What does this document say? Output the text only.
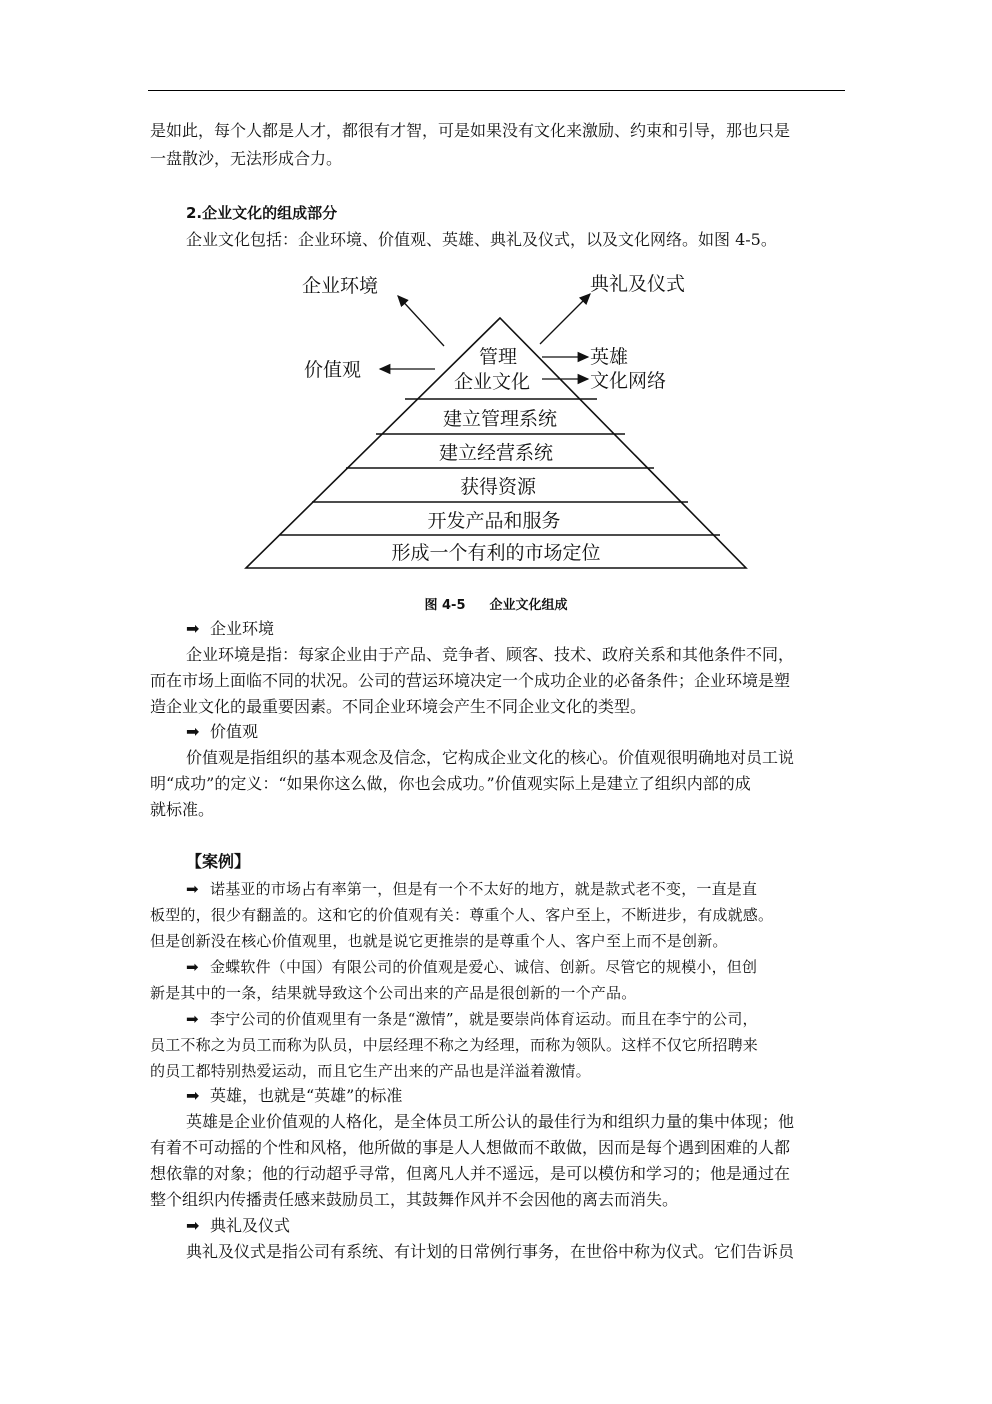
是如此，每个人都是人才，都很有才智，可是如果没有文化来激励、约束和引导，那也只是
一盘散沙，无法形成合力。
2.企业文化的组成部分
企业文化包括：企业环境、价值观、英雄、典礼及仪式，以及文化网络。如图 4-5。
企业环境	典礼及仪式
价值观
英雄
文化网络
管理
企业文化
建立管理系统
建立经营系统
获得资源
开发产品和服务
形成一个有利的市场定位
图 4-5 企业文化组成
➡ 企业环境
企业环境是指：每家企业由于产品、竞争者、顾客、技术、政府关系和其他条件不同，
而在市场上面临不同的状况。公司的营运环境决定一个成功企业的必备条件；企业环境是塑
造企业文化的最重要因素。不同企业环境会产生不同企业文化的类型。
➡ 价值观
价值观是指组织的基本观念及信念，它构成企业文化的核心。价值观很明确地对员工说
明“成功”的定义：“如果你这么做，你也会成功。”价值观实际上是建立了组织内部的成
就标准。
【案例】
➡ 诺基亚的市场占有率第一，但是有一个不太好的地方，就是款式老不变，一直是直
板型的，很少有翻盖的。这和它的价值观有关：尊重个人、客户至上，不断进步，有成就感。
但是创新没在核心价值观里，也就是说它更推崇的是尊重个人、客户至上而不是创新。
➡ 金蝶软件（中国）有限公司的价值观是爱心、诚信、创新。尽管它的规模小，但创
新是其中的一条，结果就导致这个公司出来的产品是很创新的一个产品。
➡ 李宁公司的价值观里有一条是“激情”，就是要崇尚体育运动。而且在李宁的公司，
员工不称之为员工而称为队员，中层经理不称之为经理，而称为领队。这样不仅它所招聘来
的员工都特别热爱运动，而且它生产出来的产品也是洋溢着激情。
➡ 英雄，也就是“英雄”的标准
英雄是企业价值观的人格化，是全体员工所公认的最佳行为和组织力量的集中体现；他
有着不可动摇的个性和风格，他所做的事是人人想做而不敢做，因而是每个遇到困难的人都
想依靠的对象；他的行动超乎寻常，但离凡人并不遥远，是可以模仿和学习的；他是通过在
整个组织内传播责任感来鼓励员工，其鼓舞作风并不会因他的离去而消失。
➡ 典礼及仪式
典礼及仪式是指公司有系统、有计划的日常例行事务，在世俗中称为仪式。它们告诉员
